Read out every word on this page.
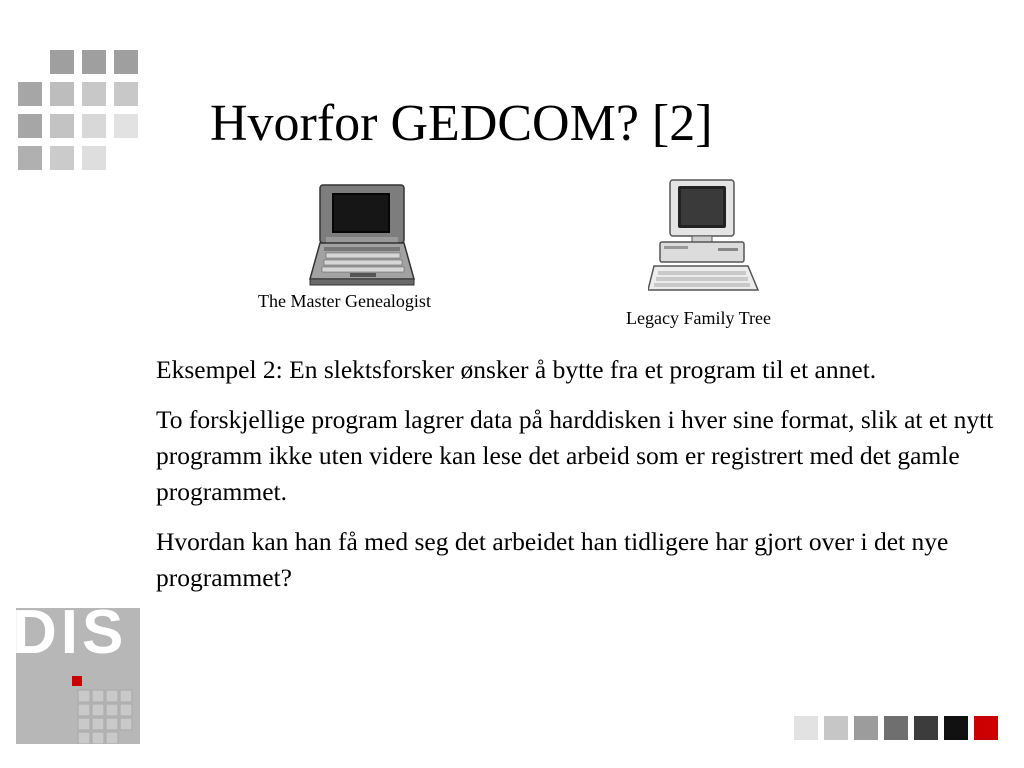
Hvorfor GEDCOM? [2]
The Master Genealogist
Legacy Family Tree

Eksempel 2: En slektsforsker ønsker å bytte fra et program til et annet.

To forskjellige program lagrer data på harddisken i hver sine format, slik at et nytt programm ikke uten videre kan lese det arbeid som er registrert med det gamle programmet.

Hvordan kan han få med seg det arbeidet han tidligere har gjort over i det nye programmet?

DIS
